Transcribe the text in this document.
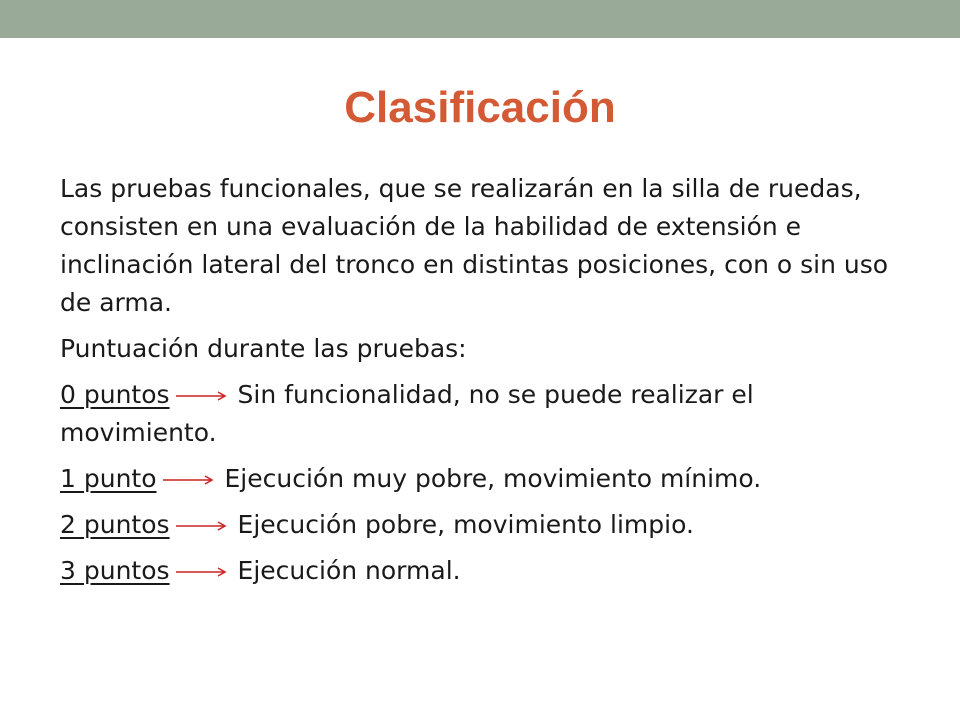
Clasificación

Las pruebas funcionales, que se realizarán en la silla de ruedas, consisten en una evaluación de la habilidad de extensión e inclinación lateral del tronco en distintas posiciones, con o sin uso de arma.

Puntuación durante las pruebas:

0 puntos	Sin funcionalidad, no se puede realizar el movimiento.

1 punto	Ejecución muy pobre, movimiento mínimo.

2 puntos	Ejecución pobre, movimiento limpio.

3 puntos	Ejecución normal.
